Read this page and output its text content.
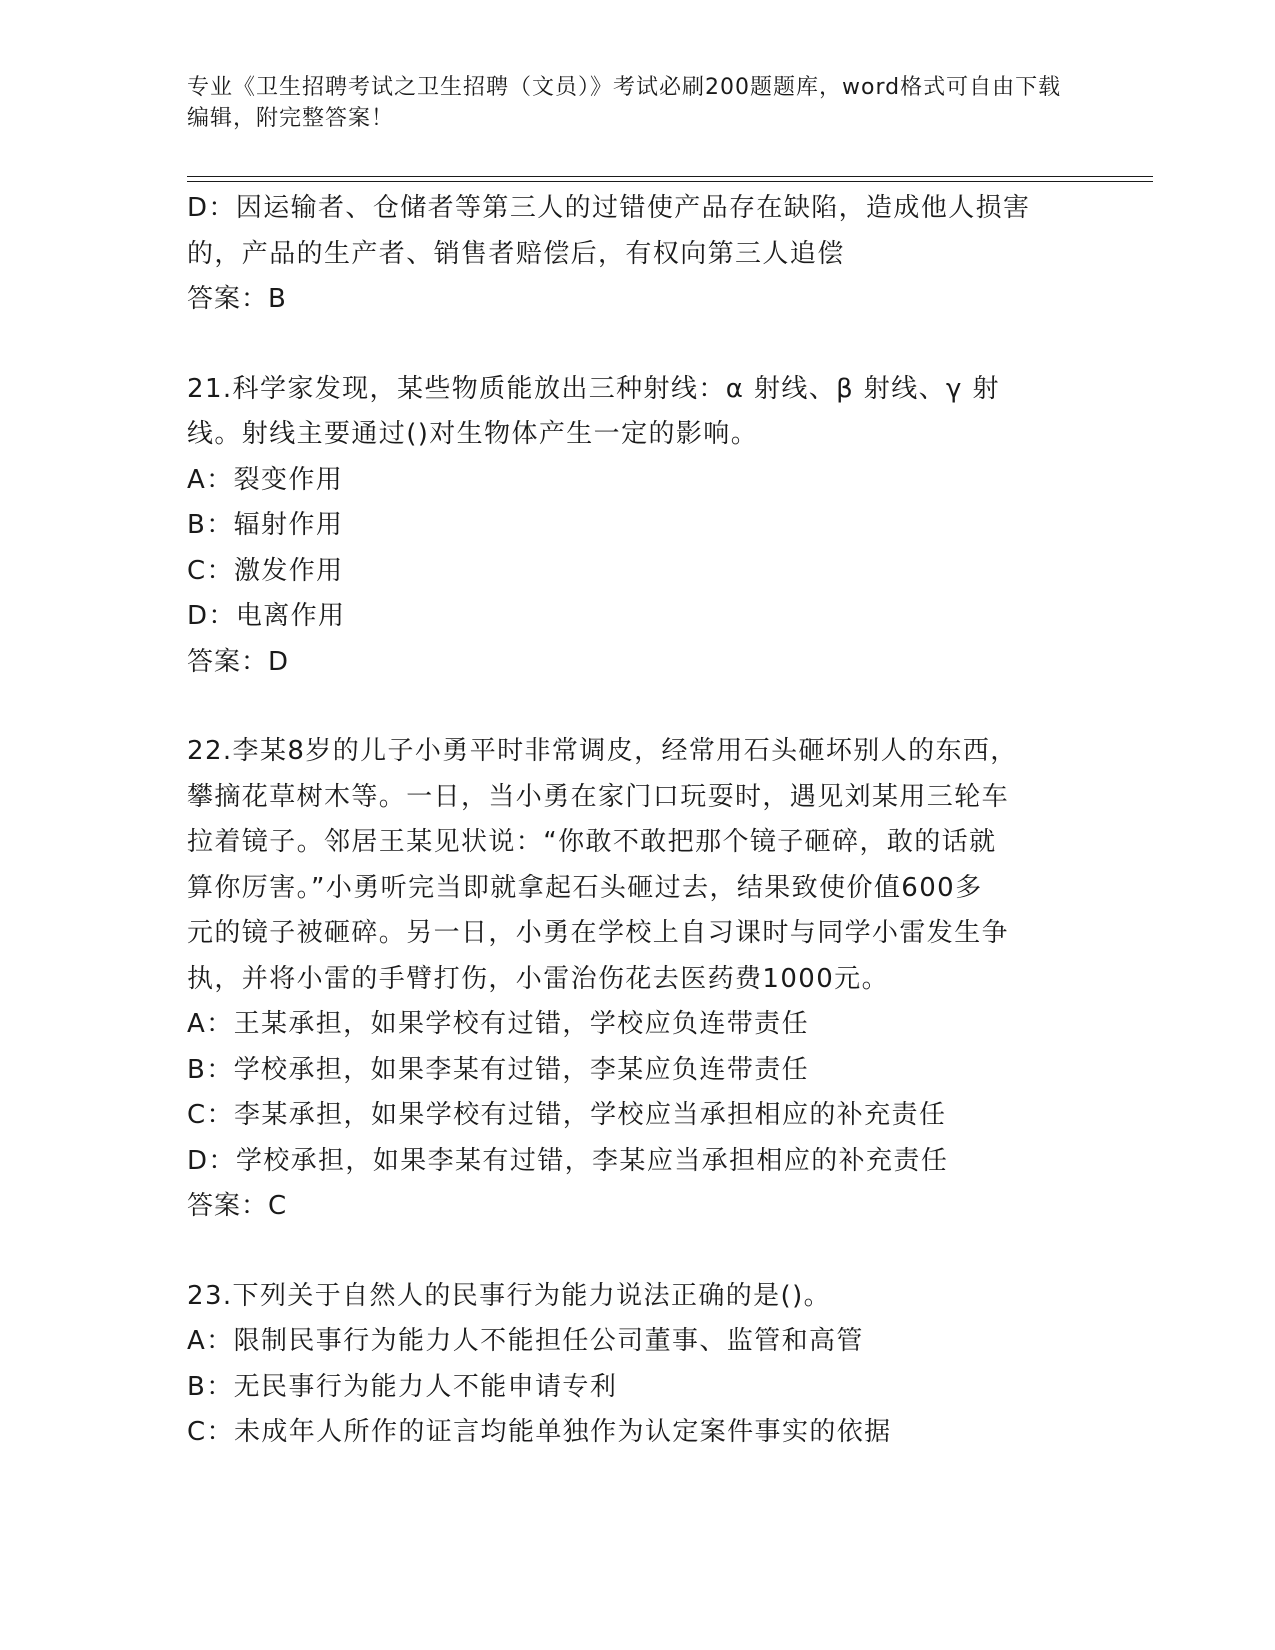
专业《卫生招聘考试之卫生招聘（文员）》考试必刷200题题库，word格式可自由下载编辑，附完整答案！
D：因运输者、仓储者等第三人的过错使产品存在缺陷，造成他人损害
的，产品的生产者、销售者赔偿后，有权向第三人追偿
答案：B
21.科学家发现，某些物质能放出三种射线：α 射线、β 射线、γ 射
线。射线主要通过()对生物体产生一定的影响。
A：裂变作用
B：辐射作用
C：激发作用
D：电离作用
答案：D
22.李某8岁的儿子小勇平时非常调皮，经常用石头砸坏别人的东西，
攀摘花草树木等。一日，当小勇在家门口玩耍时，遇见刘某用三轮车
拉着镜子。邻居王某见状说：“你敢不敢把那个镜子砸碎，敢的话就
算你厉害。”小勇听完当即就拿起石头砸过去，结果致使价值600多
元的镜子被砸碎。另一日，小勇在学校上自习课时与同学小雷发生争
执，并将小雷的手臂打伤，小雷治伤花去医药费1000元。
A：王某承担，如果学校有过错，学校应负连带责任
B：学校承担，如果李某有过错，李某应负连带责任
C：李某承担，如果学校有过错，学校应当承担相应的补充责任
D：学校承担，如果李某有过错，李某应当承担相应的补充责任
答案：C
23.下列关于自然人的民事行为能力说法正确的是()。
A：限制民事行为能力人不能担任公司董事、监管和高管
B：无民事行为能力人不能申请专利
C：未成年人所作的证言均能单独作为认定案件事实的依据
